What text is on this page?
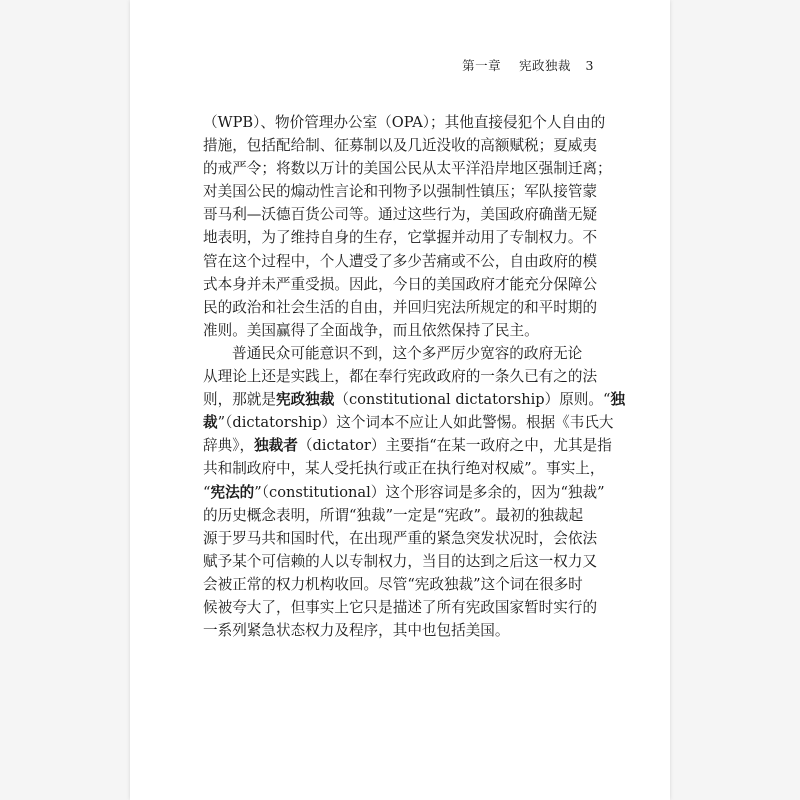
第一章 宪政独裁 3
（WPB）、物价管理办公室（OPA）；其他直接侵犯个人自由的
措施，包括配给制、征募制以及几近没收的高额赋税；夏威夷
的戒严令；将数以万计的美国公民从太平洋沿岸地区强制迁离；
对美国公民的煽动性言论和刊物予以强制性镇压；军队接管蒙
哥马利—沃德百货公司等。通过这些行为，美国政府确凿无疑
地表明，为了维持自身的生存，它掌握并动用了专制权力。不
管在这个过程中，个人遭受了多少苦痛或不公，自由政府的模
式本身并未严重受损。因此，今日的美国政府才能充分保障公
民的政治和社会生活的自由，并回归宪法所规定的和平时期的
准则。美国赢得了全面战争，而且依然保持了民主。
普通民众可能意识不到，这个多严厉少宽容的政府无论
从理论上还是实践上，都在奉行宪政政府的一条久已有之的法
则，那就是宪政独裁（constitutional dictatorship）原则。“独
裁”（dictatorship）这个词本不应让人如此警惕。根据《韦氏大
辞典》，独裁者（dictator）主要指“在某一政府之中，尤其是指
共和制政府中，某人受托执行或正在执行绝对权威”。事实上，
“宪法的”（constitutional）这个形容词是多余的，因为“独裁”
的历史概念表明，所谓“独裁”一定是“宪政”。最初的独裁起
源于罗马共和国时代，在出现严重的紧急突发状况时，会依法
赋予某个可信赖的人以专制权力，当目的达到之后这一权力又
会被正常的权力机构收回。尽管“宪政独裁”这个词在很多时
候被夸大了，但事实上它只是描述了所有宪政国家暂时实行的
一系列紧急状态权力及程序，其中也包括美国。
